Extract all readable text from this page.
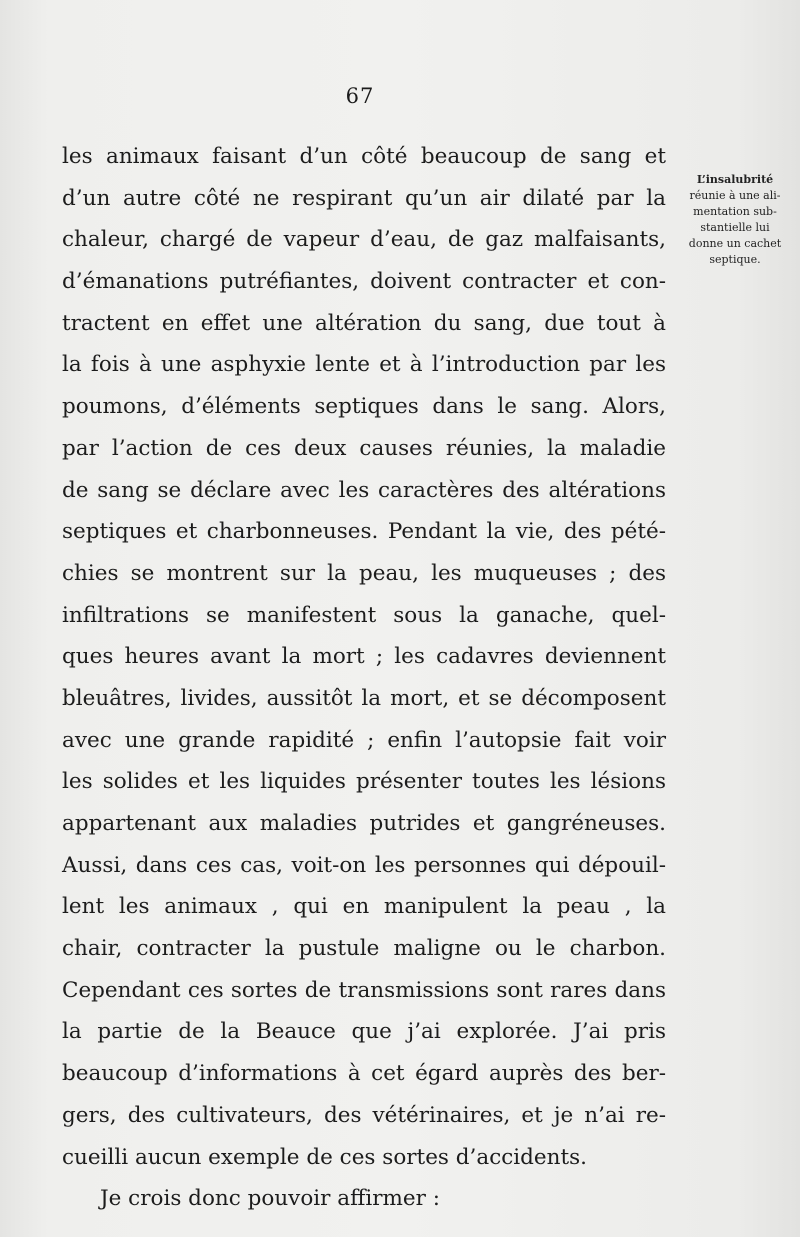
67
les animaux faisant d’un côté beaucoup de sang et
d’un autre côté ne respirant qu’un air dilaté par la
chaleur, chargé de vapeur d’eau, de gaz malfaisants,
d’émanations putréfiantes, doivent contracter et con-
tractent en effet une altération du sang, due tout à
la fois à une asphyxie lente et à l’introduction par les
poumons, d’éléments septiques dans le sang. Alors,
par l’action de ces deux causes réunies, la maladie
de sang se déclare avec les caractères des altérations
septiques et charbonneuses. Pendant la vie, des pété-
chies se montrent sur la peau, les muqueuses ; des
infiltrations se manifestent sous la ganache, quel-
ques heures avant la mort ; les cadavres deviennent
bleuâtres, livides, aussitôt la mort, et se décomposent
avec une grande rapidité ; enfin l’autopsie fait voir
les solides et les liquides présenter toutes les lésions
appartenant aux maladies putrides et gangréneuses.
Aussi, dans ces cas, voit-on les personnes qui dépouil-
lent les animaux , qui en manipulent la peau , la
chair, contracter la pustule maligne ou le charbon.
Cependant ces sortes de transmissions sont rares dans
la partie de la Beauce que j’ai explorée. J’ai pris
beaucoup d’informations à cet égard auprès des ber-
gers, des cultivateurs, des vétérinaires, et je n’ai re-
cueilli aucun exemple de ces sortes d’accidents.
Je crois donc pouvoir affirmer :
L’insalubrité
réunie à une ali-
mentation sub-
stantielle lui
donne un cachet
septique.
